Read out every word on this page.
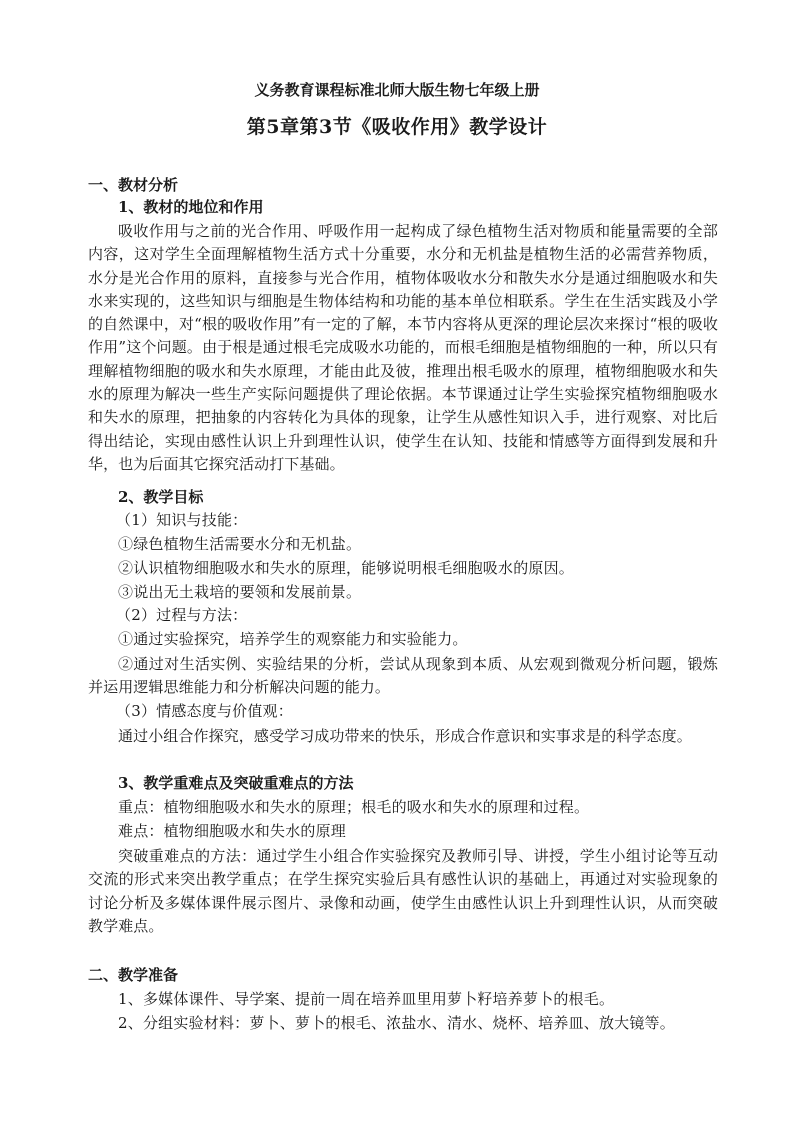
义务教育课程标准北师大版生物七年级上册
第5章第3节《吸收作用》教学设计
一、教材分析
1、教材的地位和作用

吸收作用与之前的光合作用、呼吸作用一起构成了绿色植物生活对物质和能量需要的全部内容，这对学生全面理解植物生活方式十分重要，水分和无机盐是植物生活的必需营养物质，水分是光合作用的原料，直接参与光合作用，植物体吸收水分和散失水分是通过细胞吸水和失水来实现的，这些知识与细胞是生物体结构和功能的基本单位相联系。学生在生活实践及小学的自然课中，对“根的吸收作用”有一定的了解，本节内容将从更深的理论层次来探讨“根的吸收作用”这个问题。由于根是通过根毛完成吸水功能的，而根毛细胞是植物细胞的一种，所以只有理解植物细胞的吸水和失水原理，才能由此及彼，推理出根毛吸水的原理，植物细胞吸水和失水的原理为解决一些生产实际问题提供了理论依据。本节课通过让学生实验探究植物细胞吸水和失水的原理，把抽象的内容转化为具体的现象，让学生从感性知识入手，进行观察、对比后得出结论，实现由感性认识上升到理性认识，使学生在认知、技能和情感等方面得到发展和升华，也为后面其它探究活动打下基础。

2、教学目标
（1）知识与技能：
①绿色植物生活需要水分和无机盐。
②认识植物细胞吸水和失水的原理，能够说明根毛细胞吸水的原因。
③说出无土栽培的要领和发展前景。
（2）过程与方法：
①通过实验探究，培养学生的观察能力和实验能力。

②通过对生活实例、实验结果的分析，尝试从现象到本质、从宏观到微观分析问题，锻炼并运用逻辑思维能力和分析解决问题的能力。

（3）情感态度与价值观：

通过小组合作探究，感受学习成功带来的快乐，形成合作意识和实事求是的科学态度。

3、教学重难点及突破重难点的方法
重点：植物细胞吸水和失水的原理；根毛的吸水和失水的原理和过程。
难点：植物细胞吸水和失水的原理

突破重难点的方法：通过学生小组合作实验探究及教师引导、讲授，学生小组讨论等互动交流的形式来突出教学重点；在学生探究实验后具有感性认识的基础上，再通过对实验现象的讨论分析及多媒体课件展示图片、录像和动画，使学生由感性认识上升到理性认识，从而突破教学难点。

二、教学准备
1、多媒体课件、导学案、提前一周在培养皿里用萝卜籽培养萝卜的根毛。
2、分组实验材料：萝卜、萝卜的根毛、浓盐水、清水、烧杯、培养皿、放大镜等。
